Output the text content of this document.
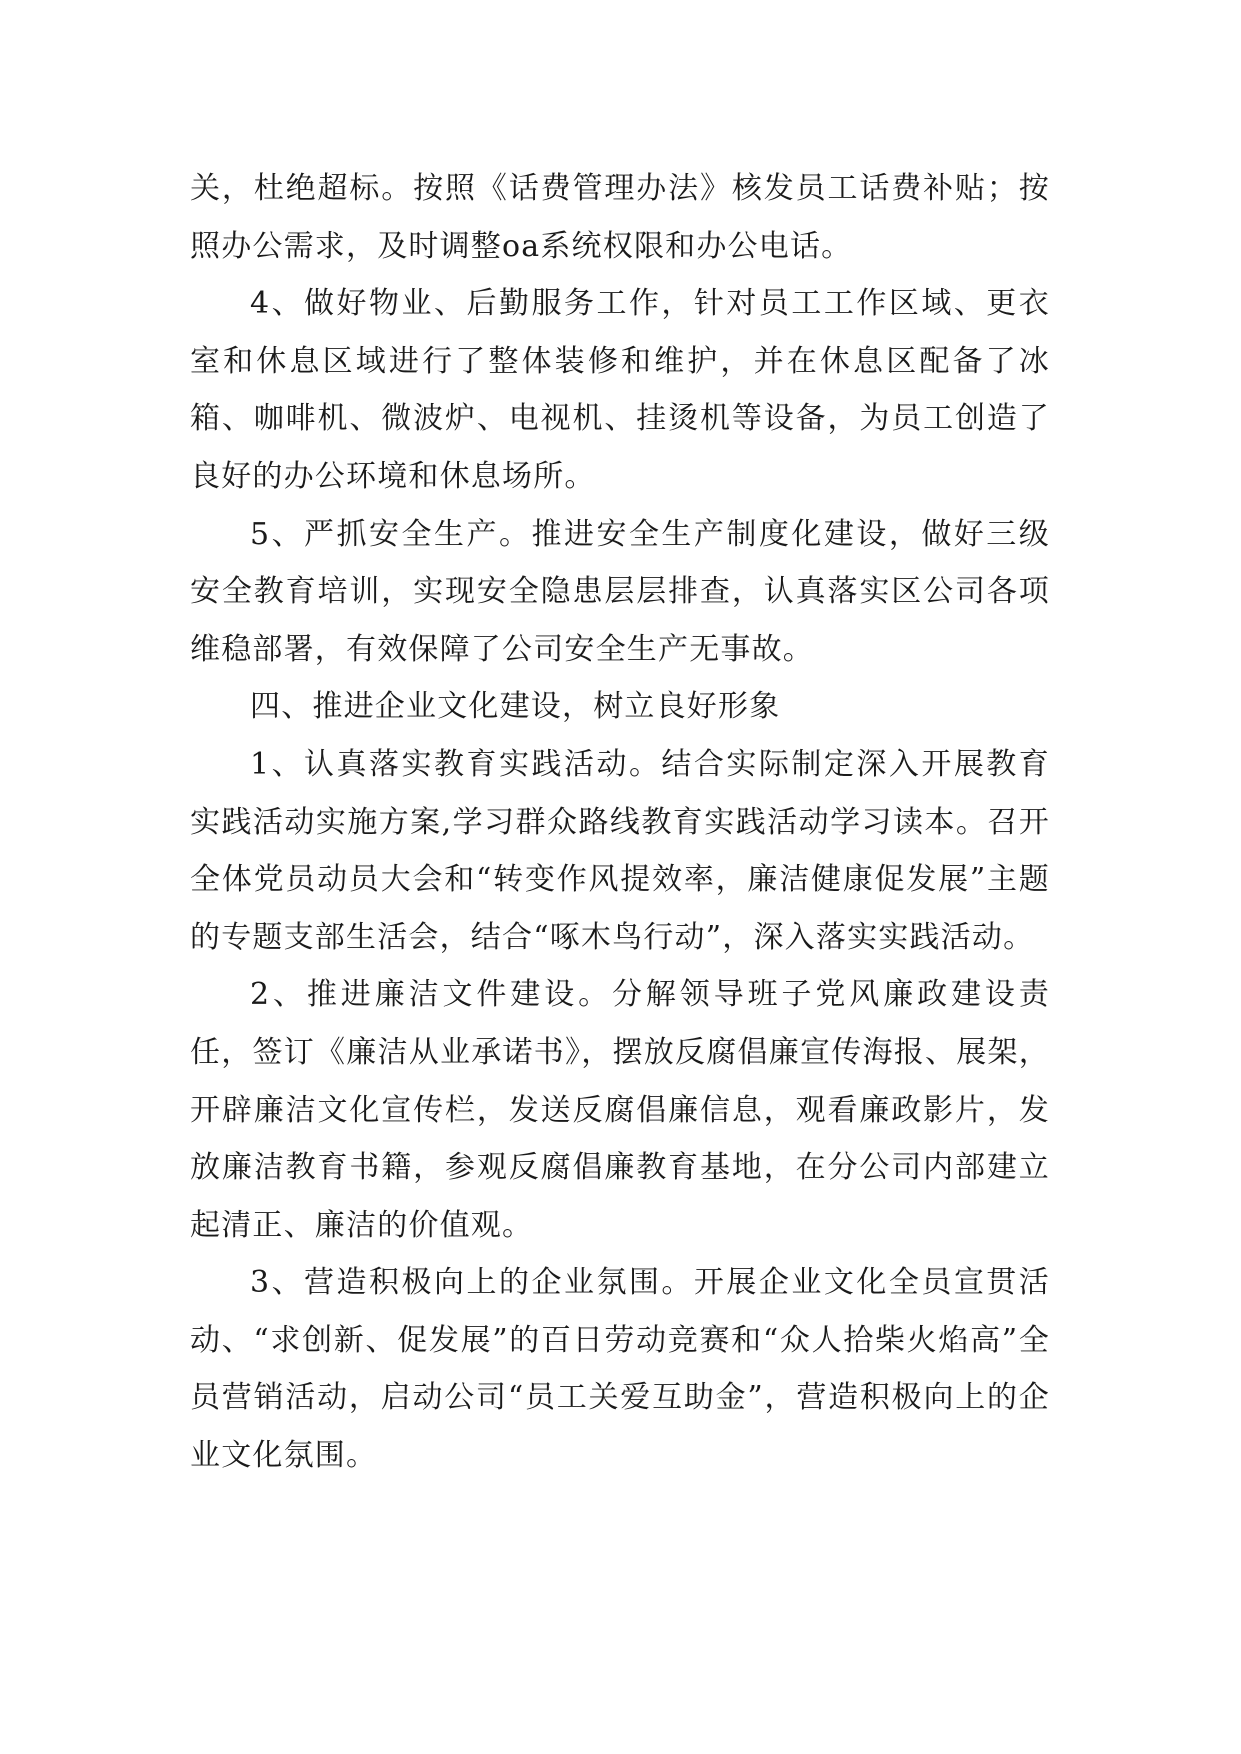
关，杜绝超标。按照《话费管理办法》核发员工话费补贴；按照办公需求，及时调整oa系统权限和办公电话。

4、做好物业、后勤服务工作，针对员工工作区域、更衣室和休息区域进行了整体装修和维护，并在休息区配备了冰箱、咖啡机、微波炉、电视机、挂烫机等设备，为员工创造了良好的办公环境和休息场所。

5、严抓安全生产。推进安全生产制度化建设，做好三级安全教育培训，实现安全隐患层层排查，认真落实区公司各项维稳部署，有效保障了公司安全生产无事故。

四、推进企业文化建设，树立良好形象

1、认真落实教育实践活动。结合实际制定深入开展教育实践活动实施方案,学习群众路线教育实践活动学习读本。召开全体党员动员大会和“转变作风提效率，廉洁健康促发展”主题的专题支部生活会，结合“啄木鸟行动”，深入落实实践活动。

2、推进廉洁文件建设。分解领导班子党风廉政建设责任，签订《廉洁从业承诺书》，摆放反腐倡廉宣传海报、展架，开辟廉洁文化宣传栏，发送反腐倡廉信息，观看廉政影片，发放廉洁教育书籍，参观反腐倡廉教育基地，在分公司内部建立起清正、廉洁的价值观。

3、营造积极向上的企业氛围。开展企业文化全员宣贯活动、“求创新、促发展”的百日劳动竞赛和“众人拾柴火焰高”全员营销活动，启动公司“员工关爱互助金”，营造积极向上的企业文化氛围。
